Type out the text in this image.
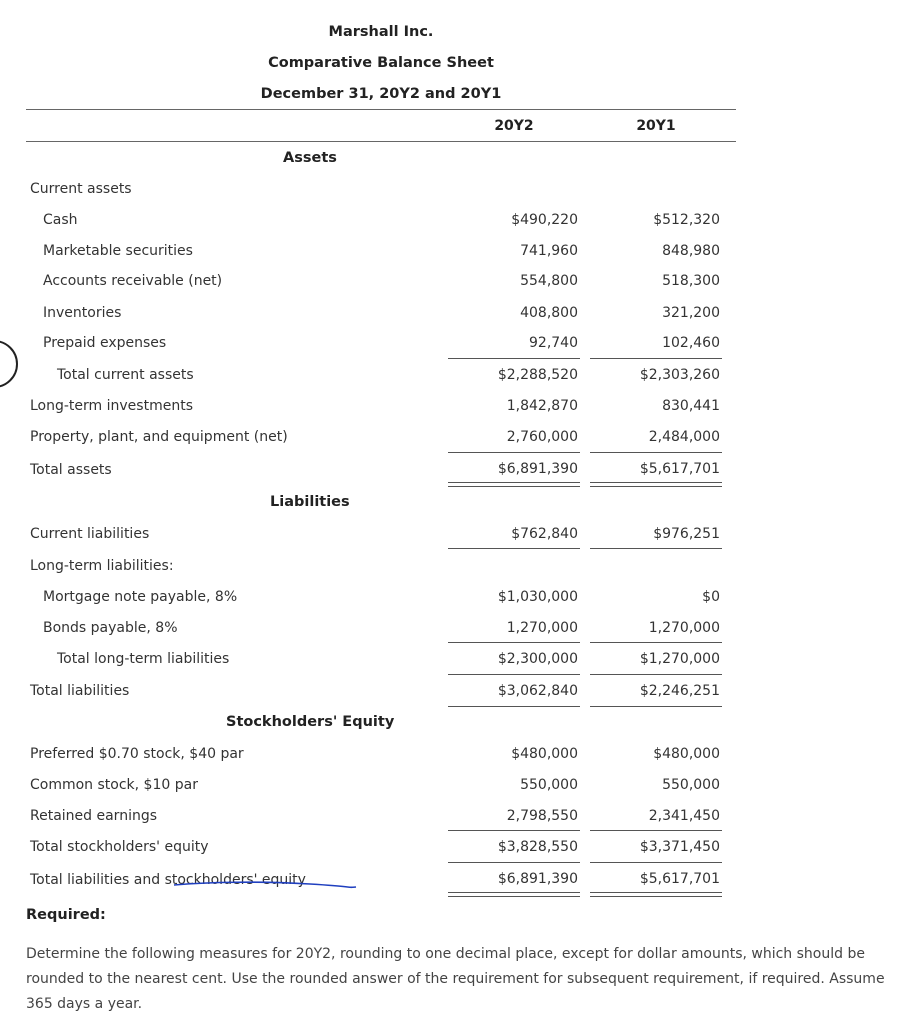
Marshall Inc.
Comparative Balance Sheet
December 31, 20Y2 and 20Y1
20Y2	20Y1
Assets
Current assets
Cash	$490,220	$512,320
Marketable securities	741,960	848,980
Accounts receivable (net)	554,800	518,300
Inventories	408,800	321,200
Prepaid expenses	92,740	102,460
Total current assets	$2,288,520	$2,303,260
Long-term investments	1,842,870	830,441
Property, plant, and equipment (net)	2,760,000	2,484,000
Total assets	$6,891,390	$5,617,701
Liabilities
Current liabilities	$762,840	$976,251
Long-term liabilities:
Mortgage note payable, 8%	$1,030,000	$0
Bonds payable, 8%	1,270,000	1,270,000
Total long-term liabilities	$2,300,000	$1,270,000
Total liabilities	$3,062,840	$2,246,251
Stockholders' Equity
Preferred $0.70 stock, $40 par	$480,000	$480,000
Common stock, $10 par	550,000	550,000
Retained earnings	2,798,550	2,341,450
Total stockholders' equity	$3,828,550	$3,371,450
Total liabilities and stockholders' equity	$6,891,390	$5,617,701
Required:
Determine the following measures for 20Y2, rounding to one decimal place, except for dollar amounts, which should be rounded to the nearest cent. Use the rounded answer of the requirement for subsequent requirement, if required. Assume 365 days a year.
